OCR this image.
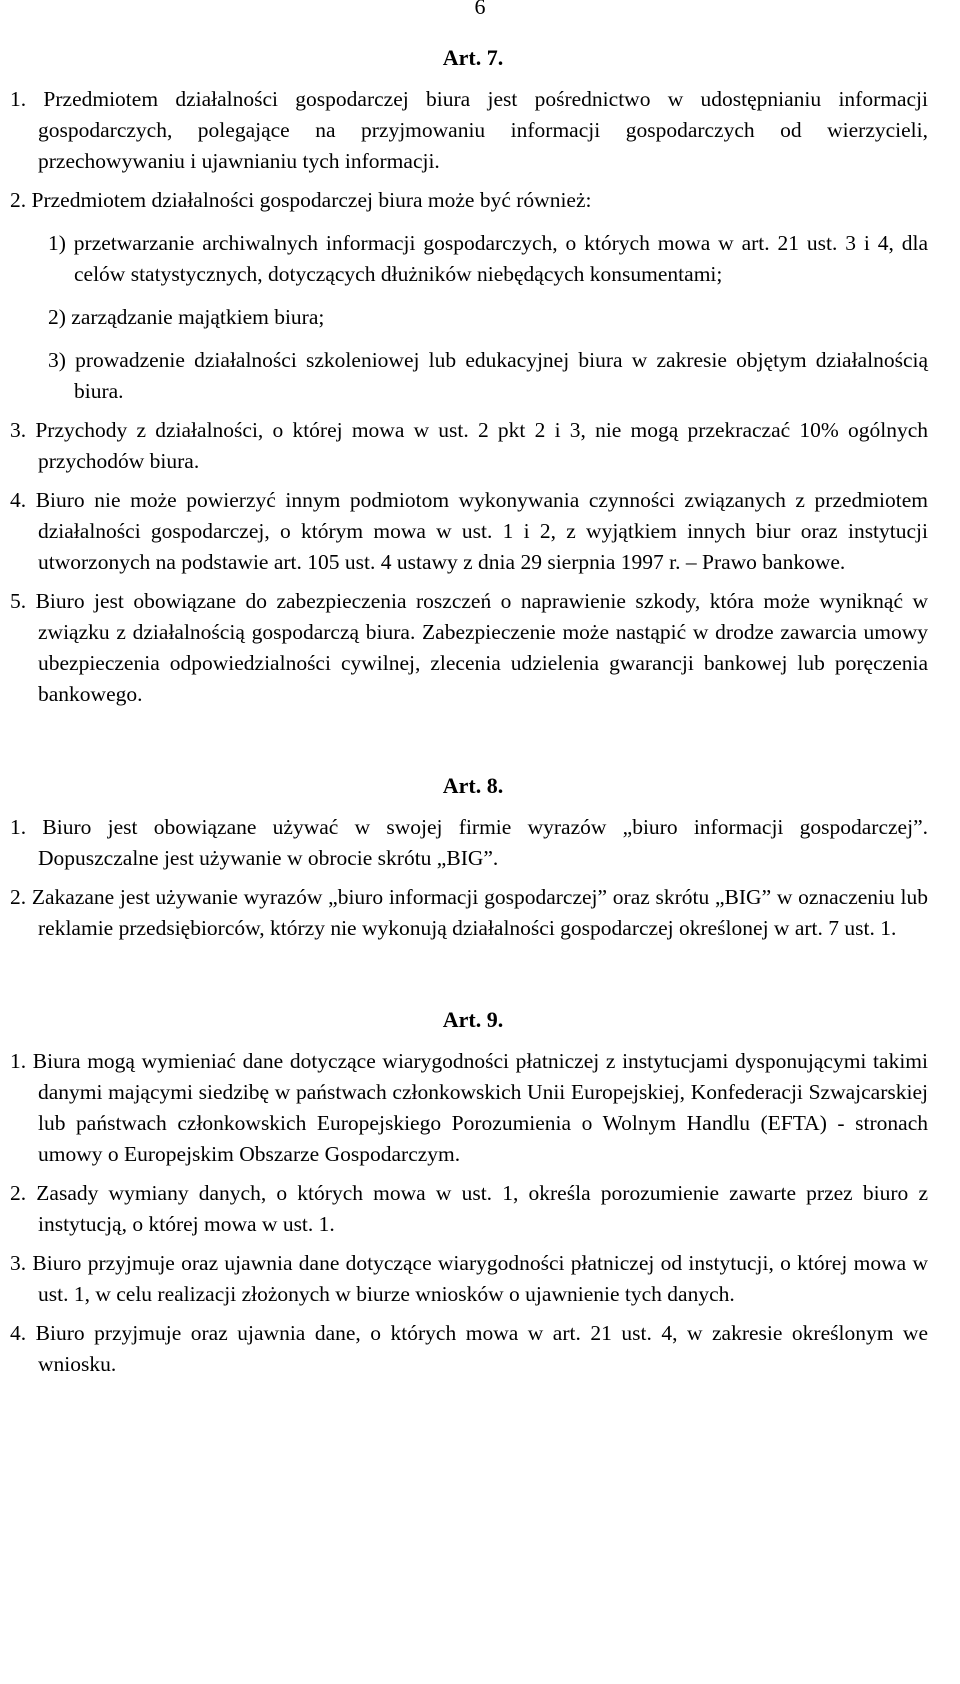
6
Art. 7.

1. Przedmiotem działalności gospodarczej biura jest pośrednictwo w udostępnianiu informacji gospodarczych, polegające na przyjmowaniu informacji gospodarczych od wierzycieli, przechowywaniu i ujawnianiu tych informacji.

2. Przedmiotem działalności gospodarczej biura może być również:

1) przetwarzanie archiwalnych informacji gospodarczych, o których mowa w art. 21 ust. 3 i 4, dla celów statystycznych, dotyczących dłużników niebędących konsumentami;

2) zarządzanie majątkiem biura;

3) prowadzenie działalności szkoleniowej lub edukacyjnej biura w zakresie objętym działalnością biura.

3. Przychody z działalności, o której mowa w ust. 2 pkt 2 i 3, nie mogą przekraczać 10% ogólnych przychodów biura.

4. Biuro nie może powierzyć innym podmiotom wykonywania czynności związanych z przedmiotem działalności gospodarczej, o którym mowa w ust. 1 i 2, z wyjątkiem innych biur oraz instytucji utworzonych na podstawie art. 105 ust. 4 ustawy z dnia 29 sierpnia 1997 r. – Prawo bankowe.

5. Biuro jest obowiązane do zabezpieczenia roszczeń o naprawienie szkody, która może wyniknąć w związku z działalnością gospodarczą biura. Zabezpieczenie może nastąpić w drodze zawarcia umowy ubezpieczenia odpowiedzialności cywilnej, zlecenia udzielenia gwarancji bankowej lub poręczenia bankowego.

Art. 8.

1. Biuro jest obowiązane używać w swojej firmie wyrazów „biuro informacji gospodarczej”. Dopuszczalne jest używanie w obrocie skrótu „BIG”.

2. Zakazane jest używanie wyrazów „biuro informacji gospodarczej” oraz skrótu „BIG” w oznaczeniu lub reklamie przedsiębiorców, którzy nie wykonują działalności gospodarczej określonej w art. 7 ust. 1.

Art. 9.

1. Biura mogą wymieniać dane dotyczące wiarygodności płatniczej z instytucjami dysponującymi takimi danymi mającymi siedzibę w państwach członkowskich Unii Europejskiej, Konfederacji Szwajcarskiej lub państwach członkowskich Europejskiego Porozumienia o Wolnym Handlu (EFTA) - stronach umowy o Europejskim Obszarze Gospodarczym.

2. Zasady wymiany danych, o których mowa w ust. 1, określa porozumienie zawarte przez biuro z instytucją, o której mowa w ust. 1.

3. Biuro przyjmuje oraz ujawnia dane dotyczące wiarygodności płatniczej od instytucji, o której mowa w ust. 1, w celu realizacji złożonych w biurze wniosków o ujawnienie tych danych.

4. Biuro przyjmuje oraz ujawnia dane, o których mowa w art. 21 ust. 4, w zakresie określonym we wniosku.
